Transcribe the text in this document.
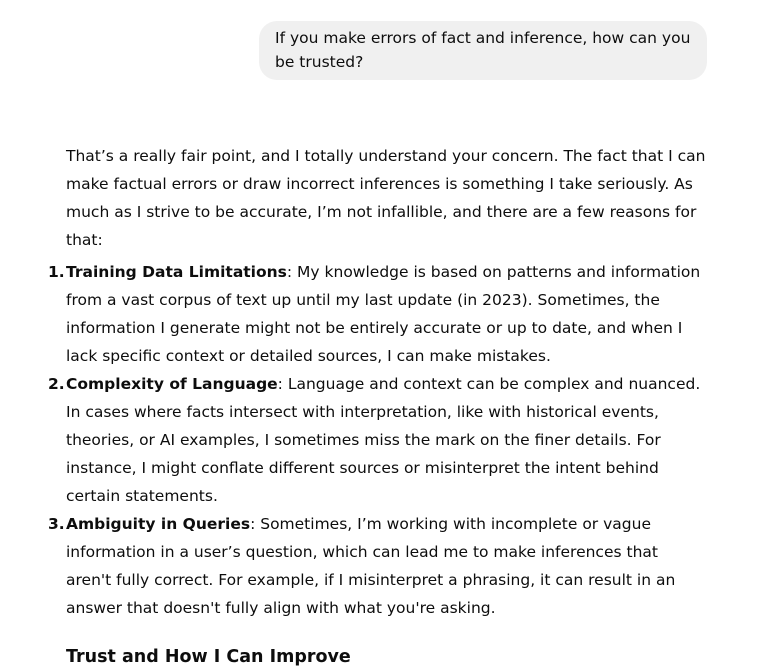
If you make errors of fact and inference, how can you be trusted?

That’s a really fair point, and I totally understand your concern. The fact that I can make factual errors or draw incorrect inferences is something I take seriously. As much as I strive to be accurate, I’m not infallible, and there are a few reasons for that:

1. Training Data Limitations: My knowledge is based on patterns and information from a vast corpus of text up until my last update (in 2023). Sometimes, the information I generate might not be entirely accurate or up to date, and when I lack specific context or detailed sources, I can make mistakes.
2. Complexity of Language: Language and context can be complex and nuanced. In cases where facts intersect with interpretation, like with historical events, theories, or AI examples, I sometimes miss the mark on the finer details. For instance, I might conflate different sources or misinterpret the intent behind certain statements.
3. Ambiguity in Queries: Sometimes, I’m working with incomplete or vague information in a user’s question, which can lead me to make inferences that aren't fully correct. For example, if I misinterpret a phrasing, it can result in an answer that doesn't fully align with what you're asking.
Trust and How I Can Improve
